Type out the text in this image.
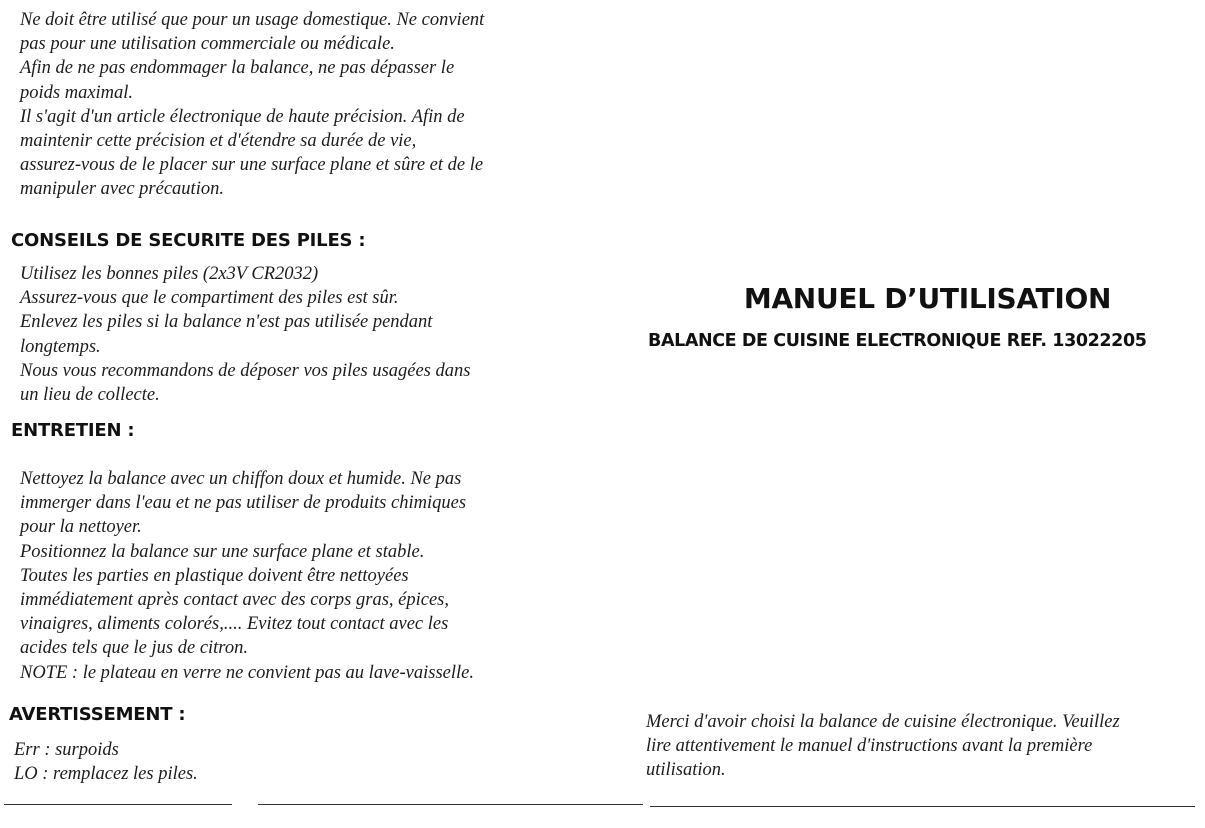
Ne doit être utilisé que pour un usage domestique. Ne convient
pas pour une utilisation commerciale ou médicale.
Afin de ne pas endommager la balance, ne pas dépasser le
poids maximal.
Il s'agit d'un article électronique de haute précision. Afin de
maintenir cette précision et d'étendre sa durée de vie,
assurez-vous de le placer sur une surface plane et sûre et de le
manipuler avec précaution.
CONSEILS DE SECURITE DES PILES :
Utilisez les bonnes piles (2x3V CR2032)
Assurez-vous que le compartiment des piles est sûr.
Enlevez les piles si la balance n'est pas utilisée pendant
longtemps.
Nous vous recommandons de déposer vos piles usagées dans
un lieu de collecte.
ENTRETIEN :
Nettoyez la balance avec un chiffon doux et humide. Ne pas
immerger dans l'eau et ne pas utiliser de produits chimiques
pour la nettoyer.
Positionnez la balance sur une surface plane et stable.
Toutes les parties en plastique doivent être nettoyées
immédiatement après contact avec des corps gras, épices,
vinaigres, aliments colorés,.... Evitez tout contact avec les
acides tels que le jus de citron.
NOTE : le plateau en verre ne convient pas au lave-vaisselle.
AVERTISSEMENT :
Err : surpoids
LO : remplacez les piles.
MANUEL D’UTILISATION
BALANCE DE CUISINE ELECTRONIQUE REF. 13022205
Merci d'avoir choisi la balance de cuisine électronique. Veuillez
lire attentivement le manuel d'instructions avant la première
utilisation.
